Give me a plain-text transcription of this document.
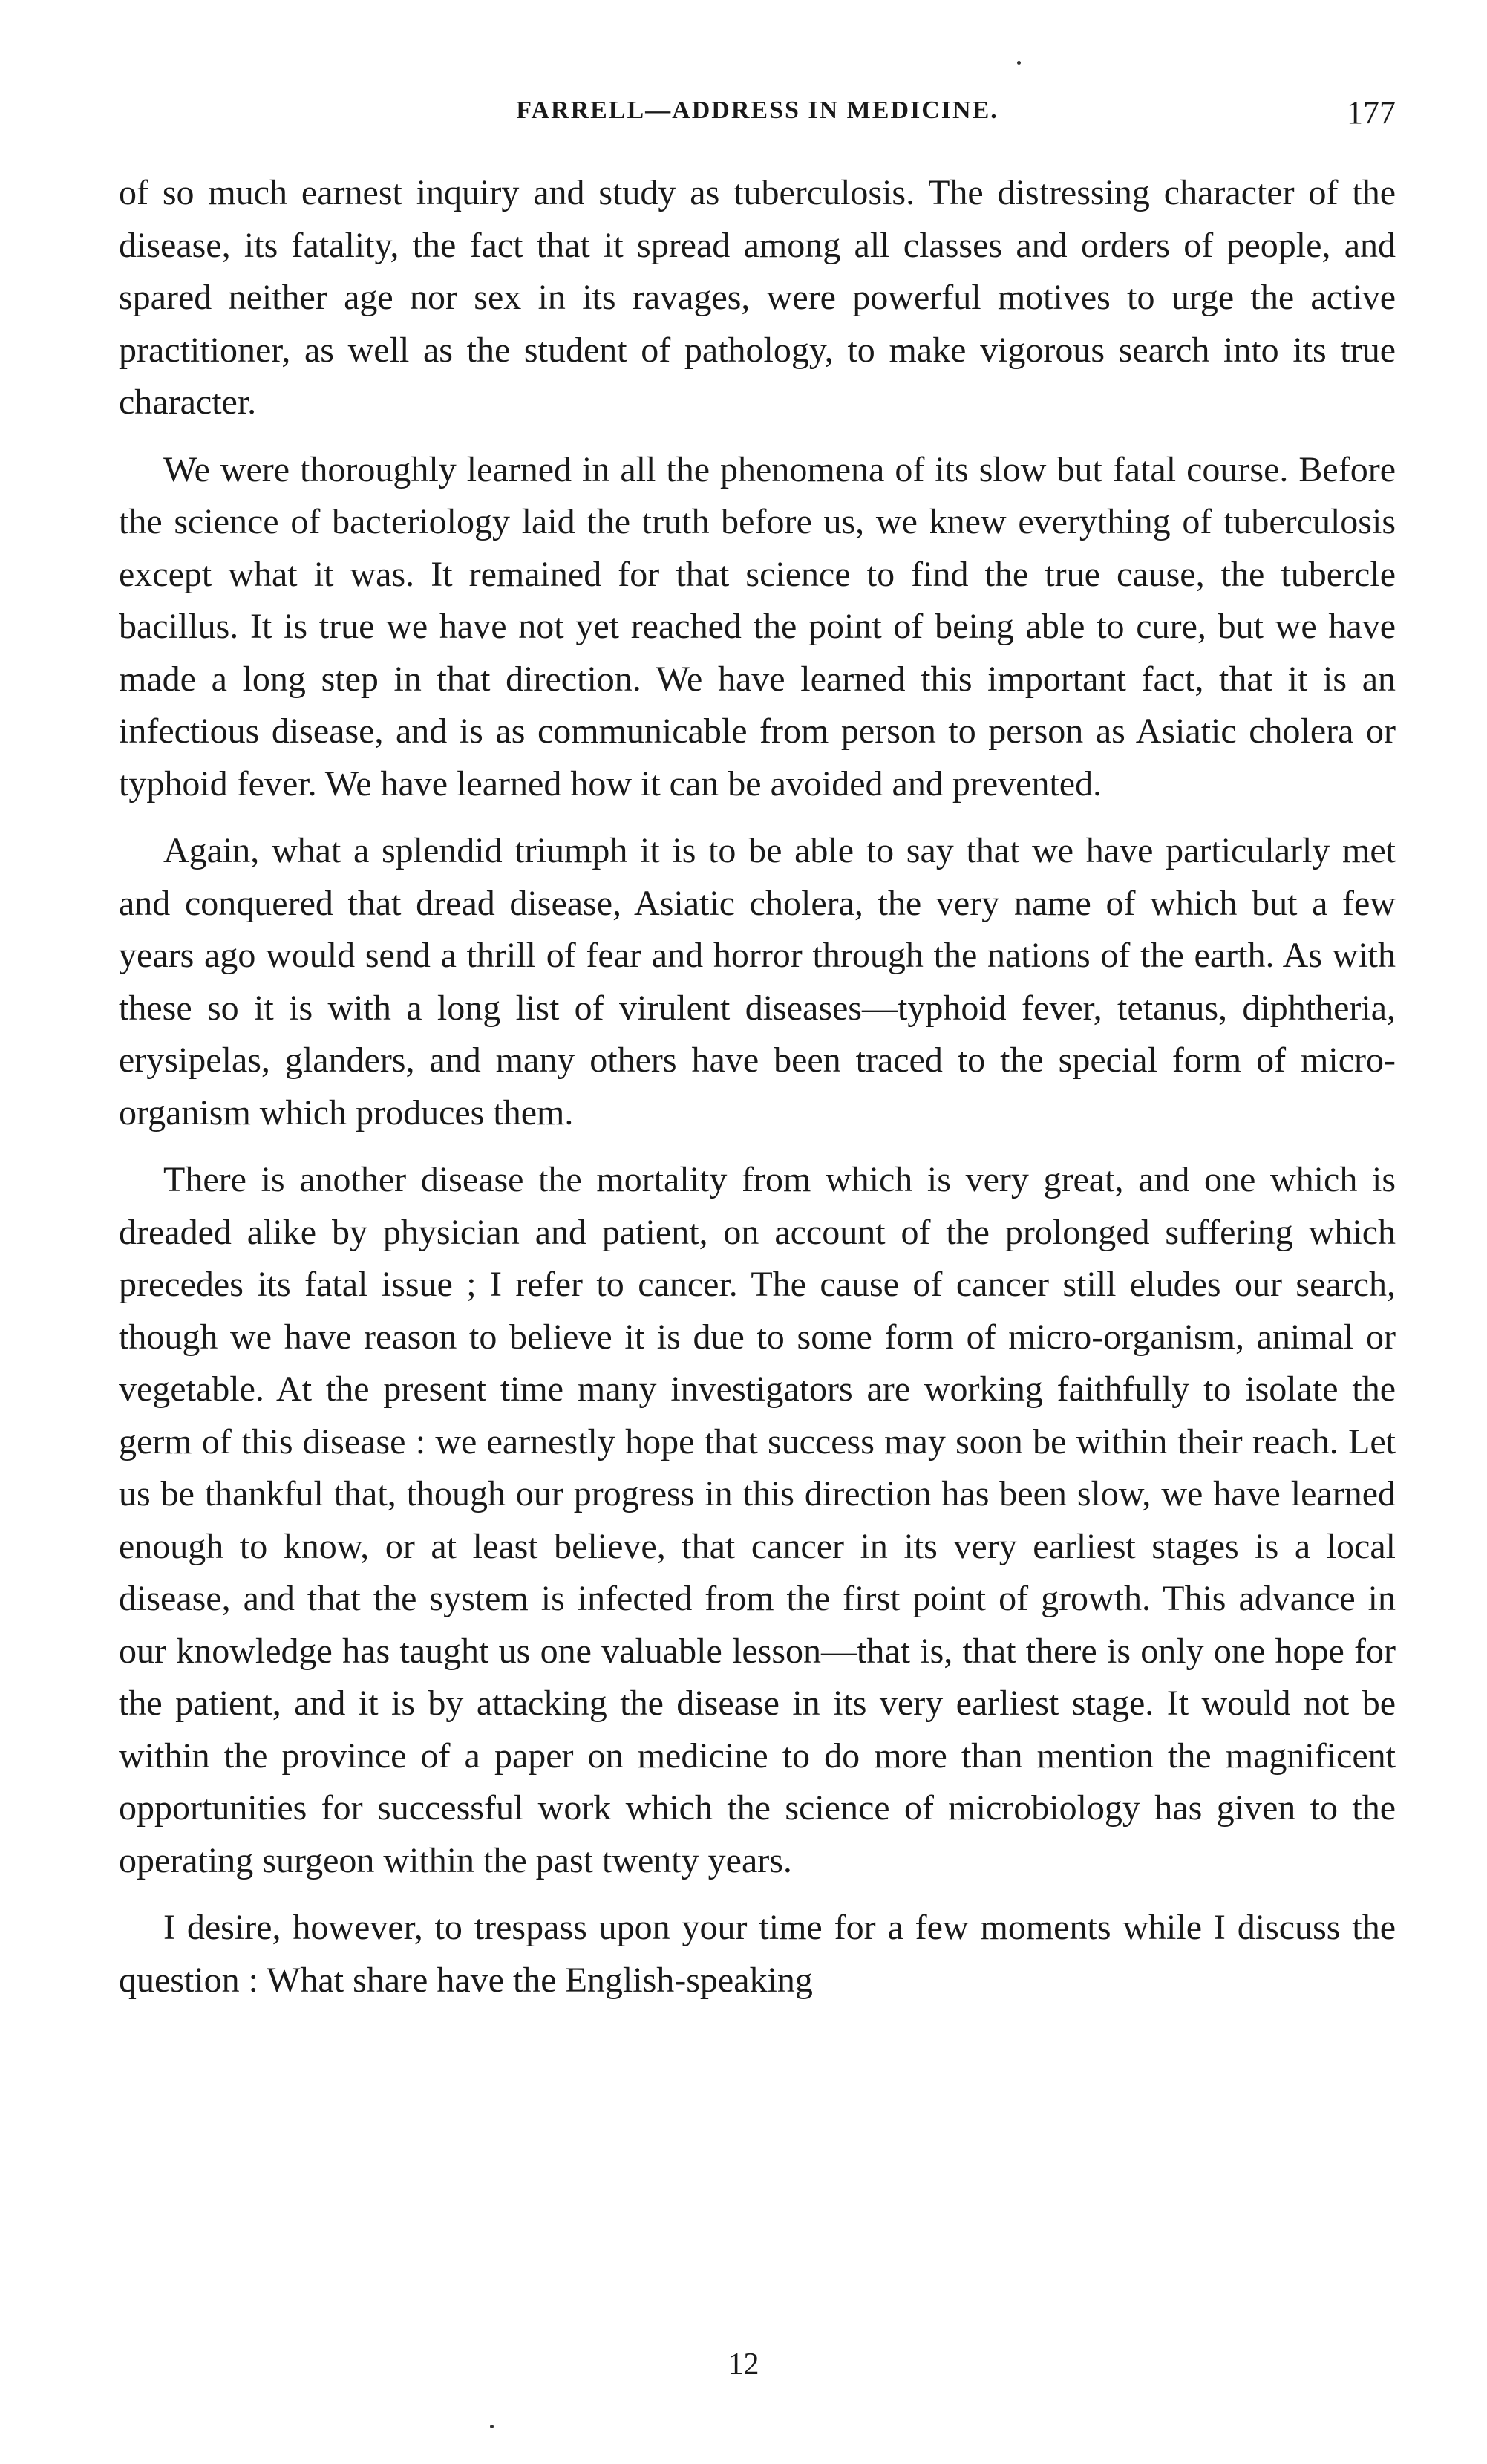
FARRELL—ADDRESS IN MEDICINE.	177

of so much earnest inquiry and study as tuberculosis. The distressing character of the disease, its fatality, the fact that it spread among all classes and orders of people, and spared neither age nor sex in its ravages, were powerful motives to urge the active practitioner, as well as the student of pathology, to make vigorous search into its true character.

We were thoroughly learned in all the phenomena of its slow but fatal course. Before the science of bacteriology laid the truth before us, we knew everything of tuberculosis except what it was. It remained for that science to find the true cause, the tubercle bacillus. It is true we have not yet reached the point of being able to cure, but we have made a long step in that direction. We have learned this important fact, that it is an infectious disease, and is as communicable from person to person as Asiatic cholera or typhoid fever. We have learned how it can be avoided and prevented.

Again, what a splendid triumph it is to be able to say that we have particularly met and conquered that dread disease, Asiatic cholera, the very name of which but a few years ago would send a thrill of fear and horror through the nations of the earth. As with these so it is with a long list of virulent diseases—typhoid fever, tetanus, diphtheria, erysipelas, glanders, and many others have been traced to the special form of micro-organism which produces them.

There is another disease the mortality from which is very great, and one which is dreaded alike by physician and patient, on account of the prolonged suffering which precedes its fatal issue ; I refer to cancer. The cause of cancer still eludes our search, though we have reason to believe it is due to some form of micro-organism, animal or vegetable. At the present time many investigators are working faithfully to isolate the germ of this disease : we earnestly hope that success may soon be within their reach. Let us be thankful that, though our progress in this direction has been slow, we have learned enough to know, or at least believe, that cancer in its very earliest stages is a local disease, and that the system is infected from the first point of growth. This advance in our knowledge has taught us one valuable lesson—that is, that there is only one hope for the patient, and it is by attacking the disease in its very earliest stage. It would not be within the province of a paper on medicine to do more than mention the magnificent opportunities for successful work which the science of microbiology has given to the operating surgeon within the past twenty years.

I desire, however, to trespass upon your time for a few moments while I discuss the question : What share have the English-speaking

12
